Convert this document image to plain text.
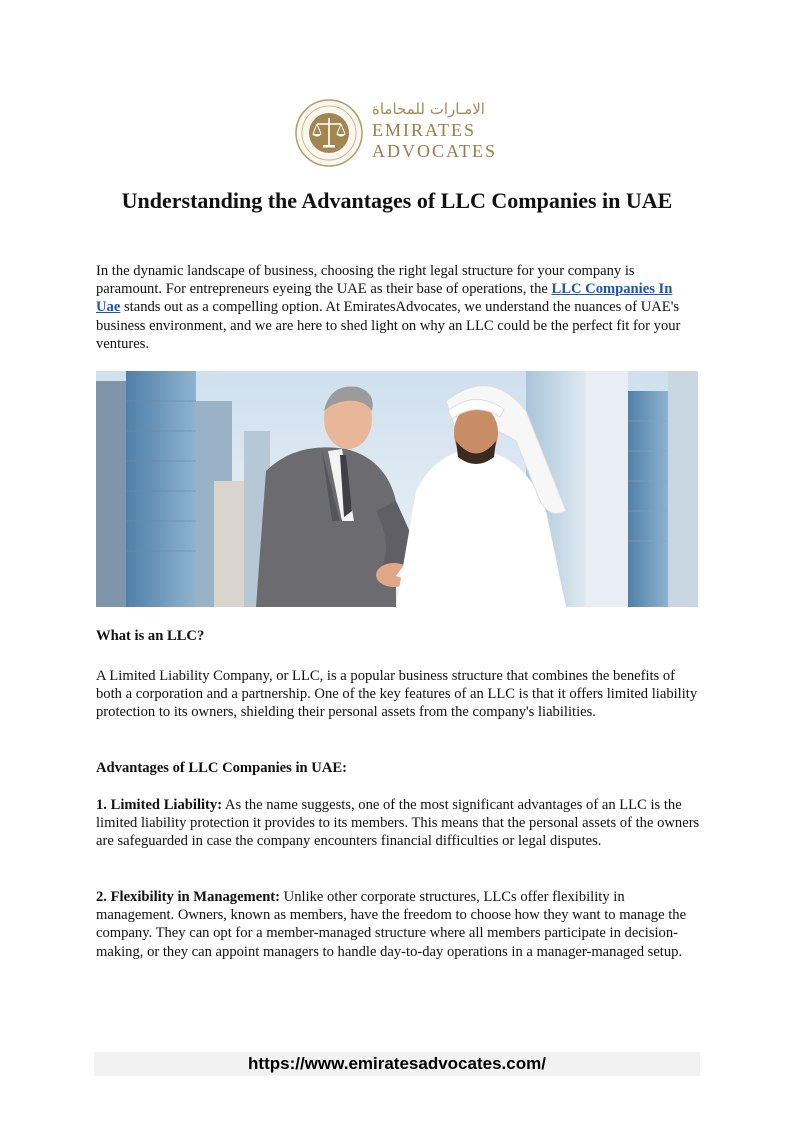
الامـارات للمحاماة
EMIRATES
ADVOCATES
Understanding the Advantages of LLC Companies in UAE

In the dynamic landscape of business, choosing the right legal structure for your company is paramount. For entrepreneurs eyeing the UAE as their base of operations, the LLC Companies In Uae stands out as a compelling option. At EmiratesAdvocates, we understand the nuances of UAE's business environment, and we are here to shed light on why an LLC could be the perfect fit for your ventures.

What is an LLC?

A Limited Liability Company, or LLC, is a popular business structure that combines the benefits of both a corporation and a partnership. One of the key features of an LLC is that it offers limited liability protection to its owners, shielding their personal assets from the company's liabilities.

Advantages of LLC Companies in UAE:

1. Limited Liability: As the name suggests, one of the most significant advantages of an LLC is the limited liability protection it provides to its members. This means that the personal assets of the owners are safeguarded in case the company encounters financial difficulties or legal disputes.

2. Flexibility in Management: Unlike other corporate structures, LLCs offer flexibility in management. Owners, known as members, have the freedom to choose how they want to manage the company. They can opt for a member-managed structure where all members participate in decision-making, or they can appoint managers to handle day-to-day operations in a manager-managed setup.

https://www.emiratesadvocates.com/
